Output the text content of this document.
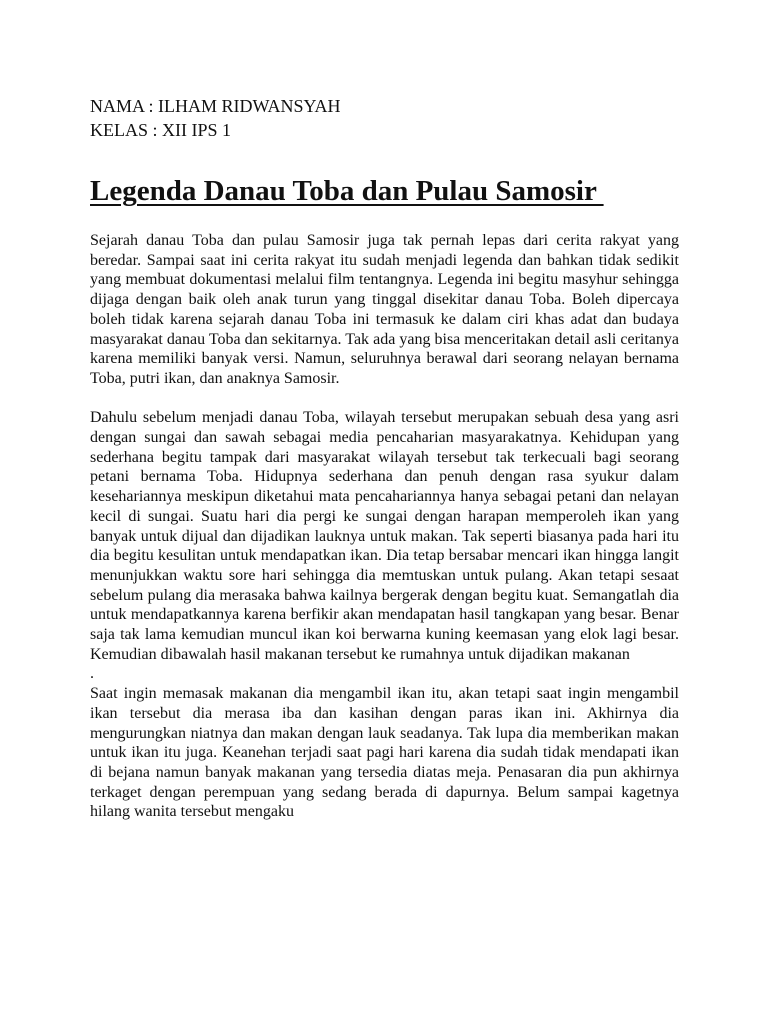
NAMA : ILHAM RIDWANSYAH

KELAS : XII IPS 1

Legenda Danau Toba dan Pulau Samosir

Sejarah danau Toba dan pulau Samosir juga tak pernah lepas dari cerita rakyat yang beredar. Sampai saat ini cerita rakyat itu sudah menjadi legenda dan bahkan tidak sedikit yang membuat dokumentasi melalui film tentangnya. Legenda ini begitu masyhur sehingga dijaga dengan baik oleh anak turun yang tinggal disekitar danau Toba. Boleh dipercaya boleh tidak karena sejarah danau Toba ini termasuk ke dalam ciri khas adat dan budaya masyarakat danau Toba dan sekitarnya. Tak ada yang bisa menceritakan detail asli ceritanya karena memiliki banyak versi. Namun, seluruhnya berawal dari seorang nelayan bernama Toba, putri ikan, dan anaknya Samosir.

Dahulu sebelum menjadi danau Toba, wilayah tersebut merupakan sebuah desa yang asri dengan sungai dan sawah sebagai media pencaharian masyarakatnya. Kehidupan yang sederhana begitu tampak dari masyarakat wilayah tersebut tak terkecuali bagi seorang petani bernama Toba. Hidupnya sederhana dan penuh dengan rasa syukur dalam kesehariannya meskipun diketahui mata pencahariannya hanya sebagai petani dan nelayan kecil di sungai. Suatu hari dia pergi ke sungai dengan harapan memperoleh ikan yang banyak untuk dijual dan dijadikan lauknya untuk makan. Tak seperti biasanya pada hari itu dia begitu kesulitan untuk mendapatkan ikan. Dia tetap bersabar mencari ikan hingga langit menunjukkan waktu sore hari sehingga dia memtuskan untuk pulang. Akan tetapi sesaat sebelum pulang dia merasaka bahwa kailnya bergerak dengan begitu kuat. Semangatlah dia untuk mendapatkannya karena berfikir akan mendapatan hasil tangkapan yang besar. Benar saja tak lama kemudian muncul ikan koi berwarna kuning keemasan yang elok lagi besar. Kemudian dibawalah hasil makanan tersebut ke rumahnya untuk dijadikan makanan

.

Saat ingin memasak makanan dia mengambil ikan itu, akan tetapi saat ingin mengambil ikan tersebut dia merasa iba dan kasihan dengan paras ikan ini. Akhirnya dia mengurungkan niatnya dan makan dengan lauk seadanya. Tak lupa dia memberikan makan untuk ikan itu juga. Keanehan terjadi saat pagi hari karena dia sudah tidak mendapati ikan di bejana namun banyak makanan yang tersedia diatas meja. Penasaran dia pun akhirnya terkaget dengan perempuan yang sedang berada di dapurnya. Belum sampai kagetnya hilang wanita tersebut mengaku
